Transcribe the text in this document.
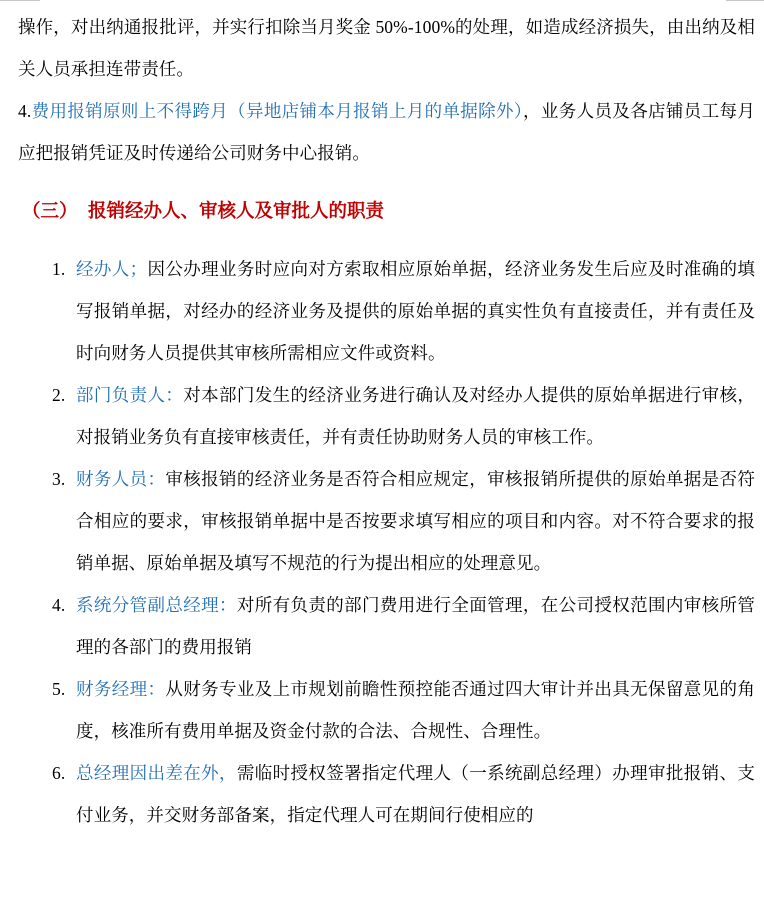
操作，对出纳通报批评，并实行扣除当月奖金 50%-100%的处理，如造成经济损失，由出纳及相关人员承担连带责任。

4.费用报销原则上不得跨月（异地店铺本月报销上月的单据除外），业务人员及各店铺员工每月应把报销凭证及时传递给公司财务中心报销。

（三） 报销经办人、审核人及审批人的职责
1. 经办人；因公办理业务时应向对方索取相应原始单据，经济业务发生后应及时准确的填写报销单据，对经办的经济业务及提供的原始单据的真实性负有直接责任，并有责任及时向财务人员提供其审核所需相应文件或资料。
2. 部门负责人：对本部门发生的经济业务进行确认及对经办人提供的原始单据进行审核，对报销业务负有直接审核责任，并有责任协助财务人员的审核工作。
3. 财务人员：审核报销的经济业务是否符合相应规定，审核报销所提供的原始单据是否符合相应的要求，审核报销单据中是否按要求填写相应的项目和内容。对不符合要求的报销单据、原始单据及填写不规范的行为提出相应的处理意见。
4. 系统分管副总经理：对所有负责的部门费用进行全面管理，在公司授权范围内审核所管理的各部门的费用报销
5. 财务经理：从财务专业及上市规划前瞻性预控能否通过四大审计并出具无保留意见的角度，核准所有费用单据及资金付款的合法、合规性、合理性。
6. 总经理因出差在外，需临时授权签署指定代理人（一系统副总经理）办理审批报销、支付业务，并交财务部备案，指定代理人可在期间行使相应的
